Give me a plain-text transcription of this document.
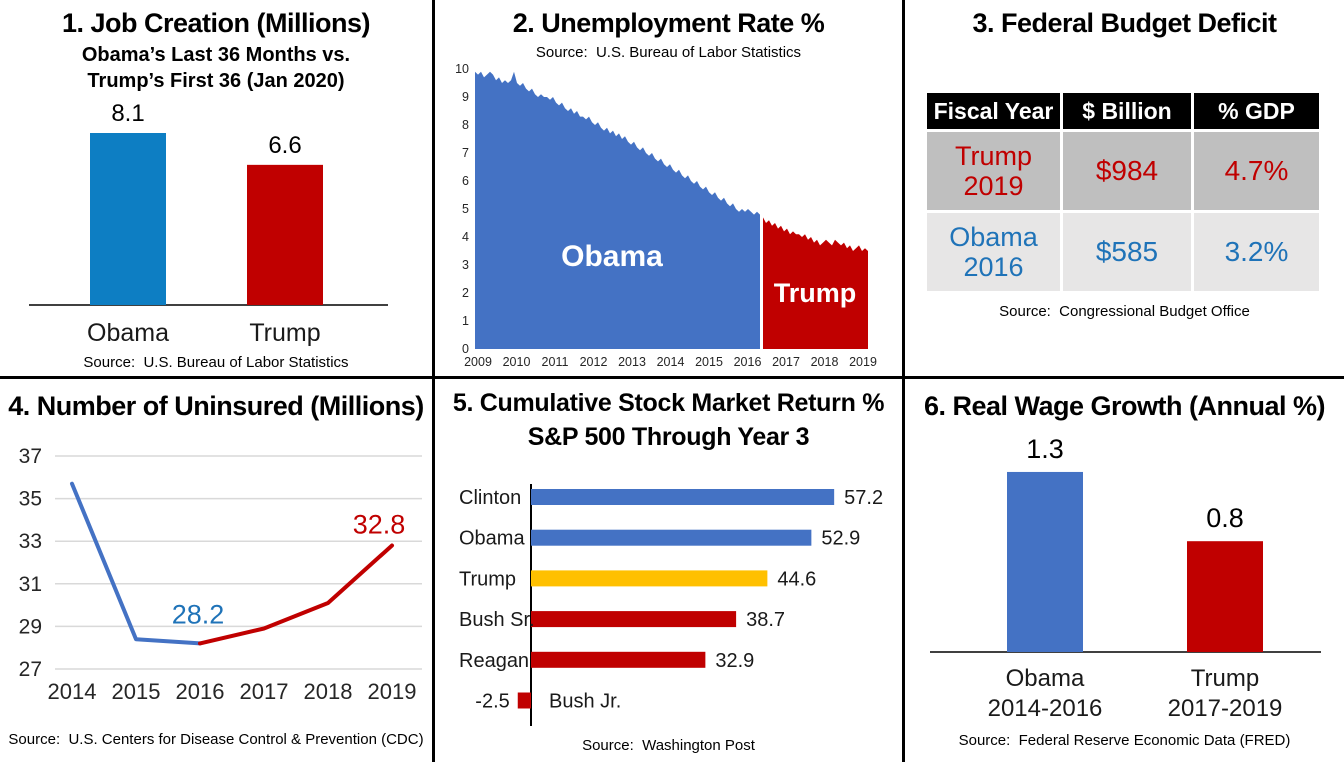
1. Job Creation (Millions)
Obama’s Last 36 Months vs.
Trump’s First 36 (Jan 2020)
8.1
Obama
6.6
Trump
Source:  U.S. Bureau of Labor Statistics
2. Unemployment Rate %
Source:  U.S. Bureau of Labor Statistics
0
1
2
3
4
5
6
7
8
9
10
2009 2010 2011 2012 2013 2014 2015 2016 2017 2018 2019
Obama
Trump
3. Federal Budget Deficit
Fiscal Year	$ Billion	% GDP
Trump
2019	$984	4.7%
Obama
2016	$585	3.2%
Source:  Congressional Budget Office
4. Number of Uninsured (Millions)
37
35
33
31
29
27
2014 2015 2016 2017 2018 2019
28.2
32.8
Source:  U.S. Centers for Disease Control & Prevention (CDC)
5. Cumulative Stock Market Return %
S&P 500 Through Year 3
Clinton	57.2
Obama	52.9
Trump	44.6
Bush Sr.	38.7
Reagan	32.9
-2.5 Bush Jr.
Source:  Washington Post
6. Real Wage Growth (Annual %)
1.3
Obama
2014-2016
0.8
Trump
2017-2019
Source:  Federal Reserve Economic Data (FRED)
